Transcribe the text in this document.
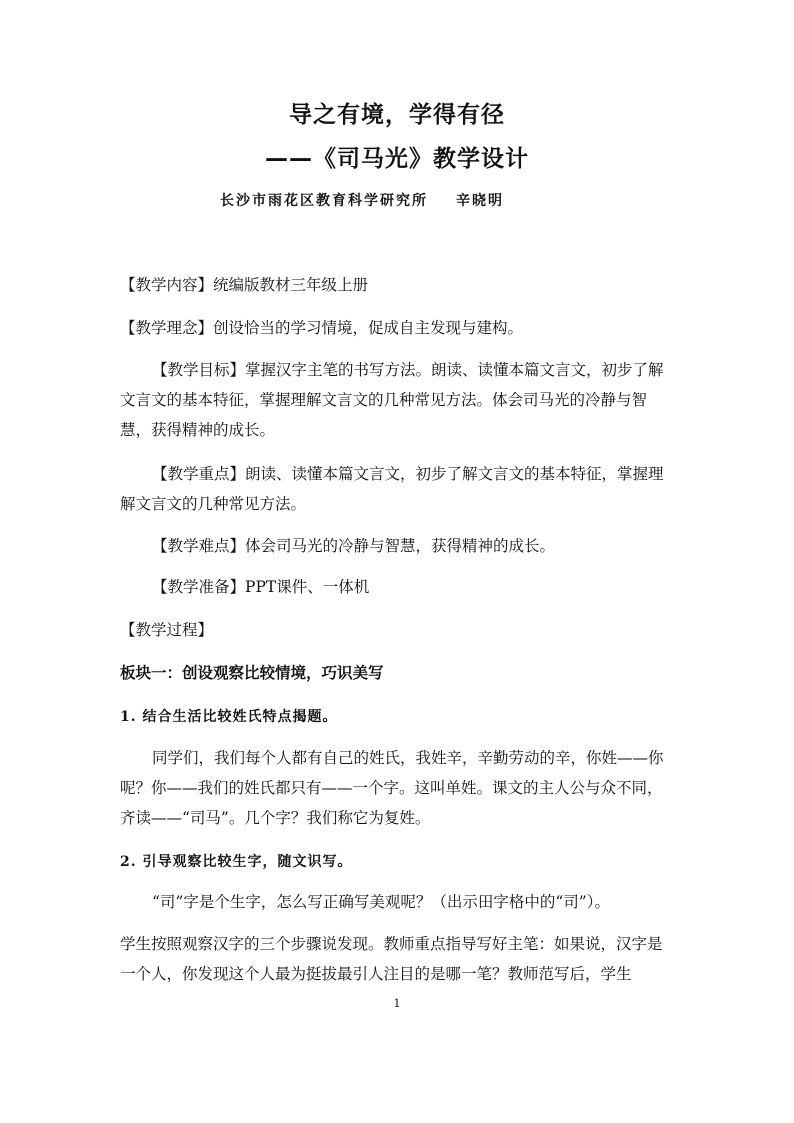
导之有境，学得有径
——《司马光》教学设计
长沙市雨花区教育科学研究所 辛晓明

【教学内容】统编版教材三年级上册

【教学理念】创设恰当的学习情境，促成自主发现与建构。

【教学目标】掌握汉字主笔的书写方法。朗读、读懂本篇文言文，初步了解文言文的基本特征，掌握理解文言文的几种常见方法。体会司马光的冷静与智慧，获得精神的成长。

【教学重点】朗读、读懂本篇文言文，初步了解文言文的基本特征，掌握理解文言文的几种常见方法。

【教学难点】体会司马光的冷静与智慧，获得精神的成长。

【教学准备】PPT课件、一体机

【教学过程】

板块一：创设观察比较情境，巧识美写

1. 结合生活比较姓氏特点揭题。

同学们，我们每个人都有自己的姓氏，我姓辛，辛勤劳动的辛，你姓——你呢？你——我们的姓氏都只有——一个字。这叫单姓。课文的主人公与众不同，齐读——“司马”。几个字？我们称它为复姓。

2. 引导观察比较生字，随文识写。

“司”字是个生字，怎么写正确写美观呢？（出示田字格中的“司”）。

学生按照观察汉字的三个步骤说发现。教师重点指导写好主笔：如果说，汉字是一个人，你发现这个人最为挺拔最引人注目的是哪一笔？教师范写后，学生

1
